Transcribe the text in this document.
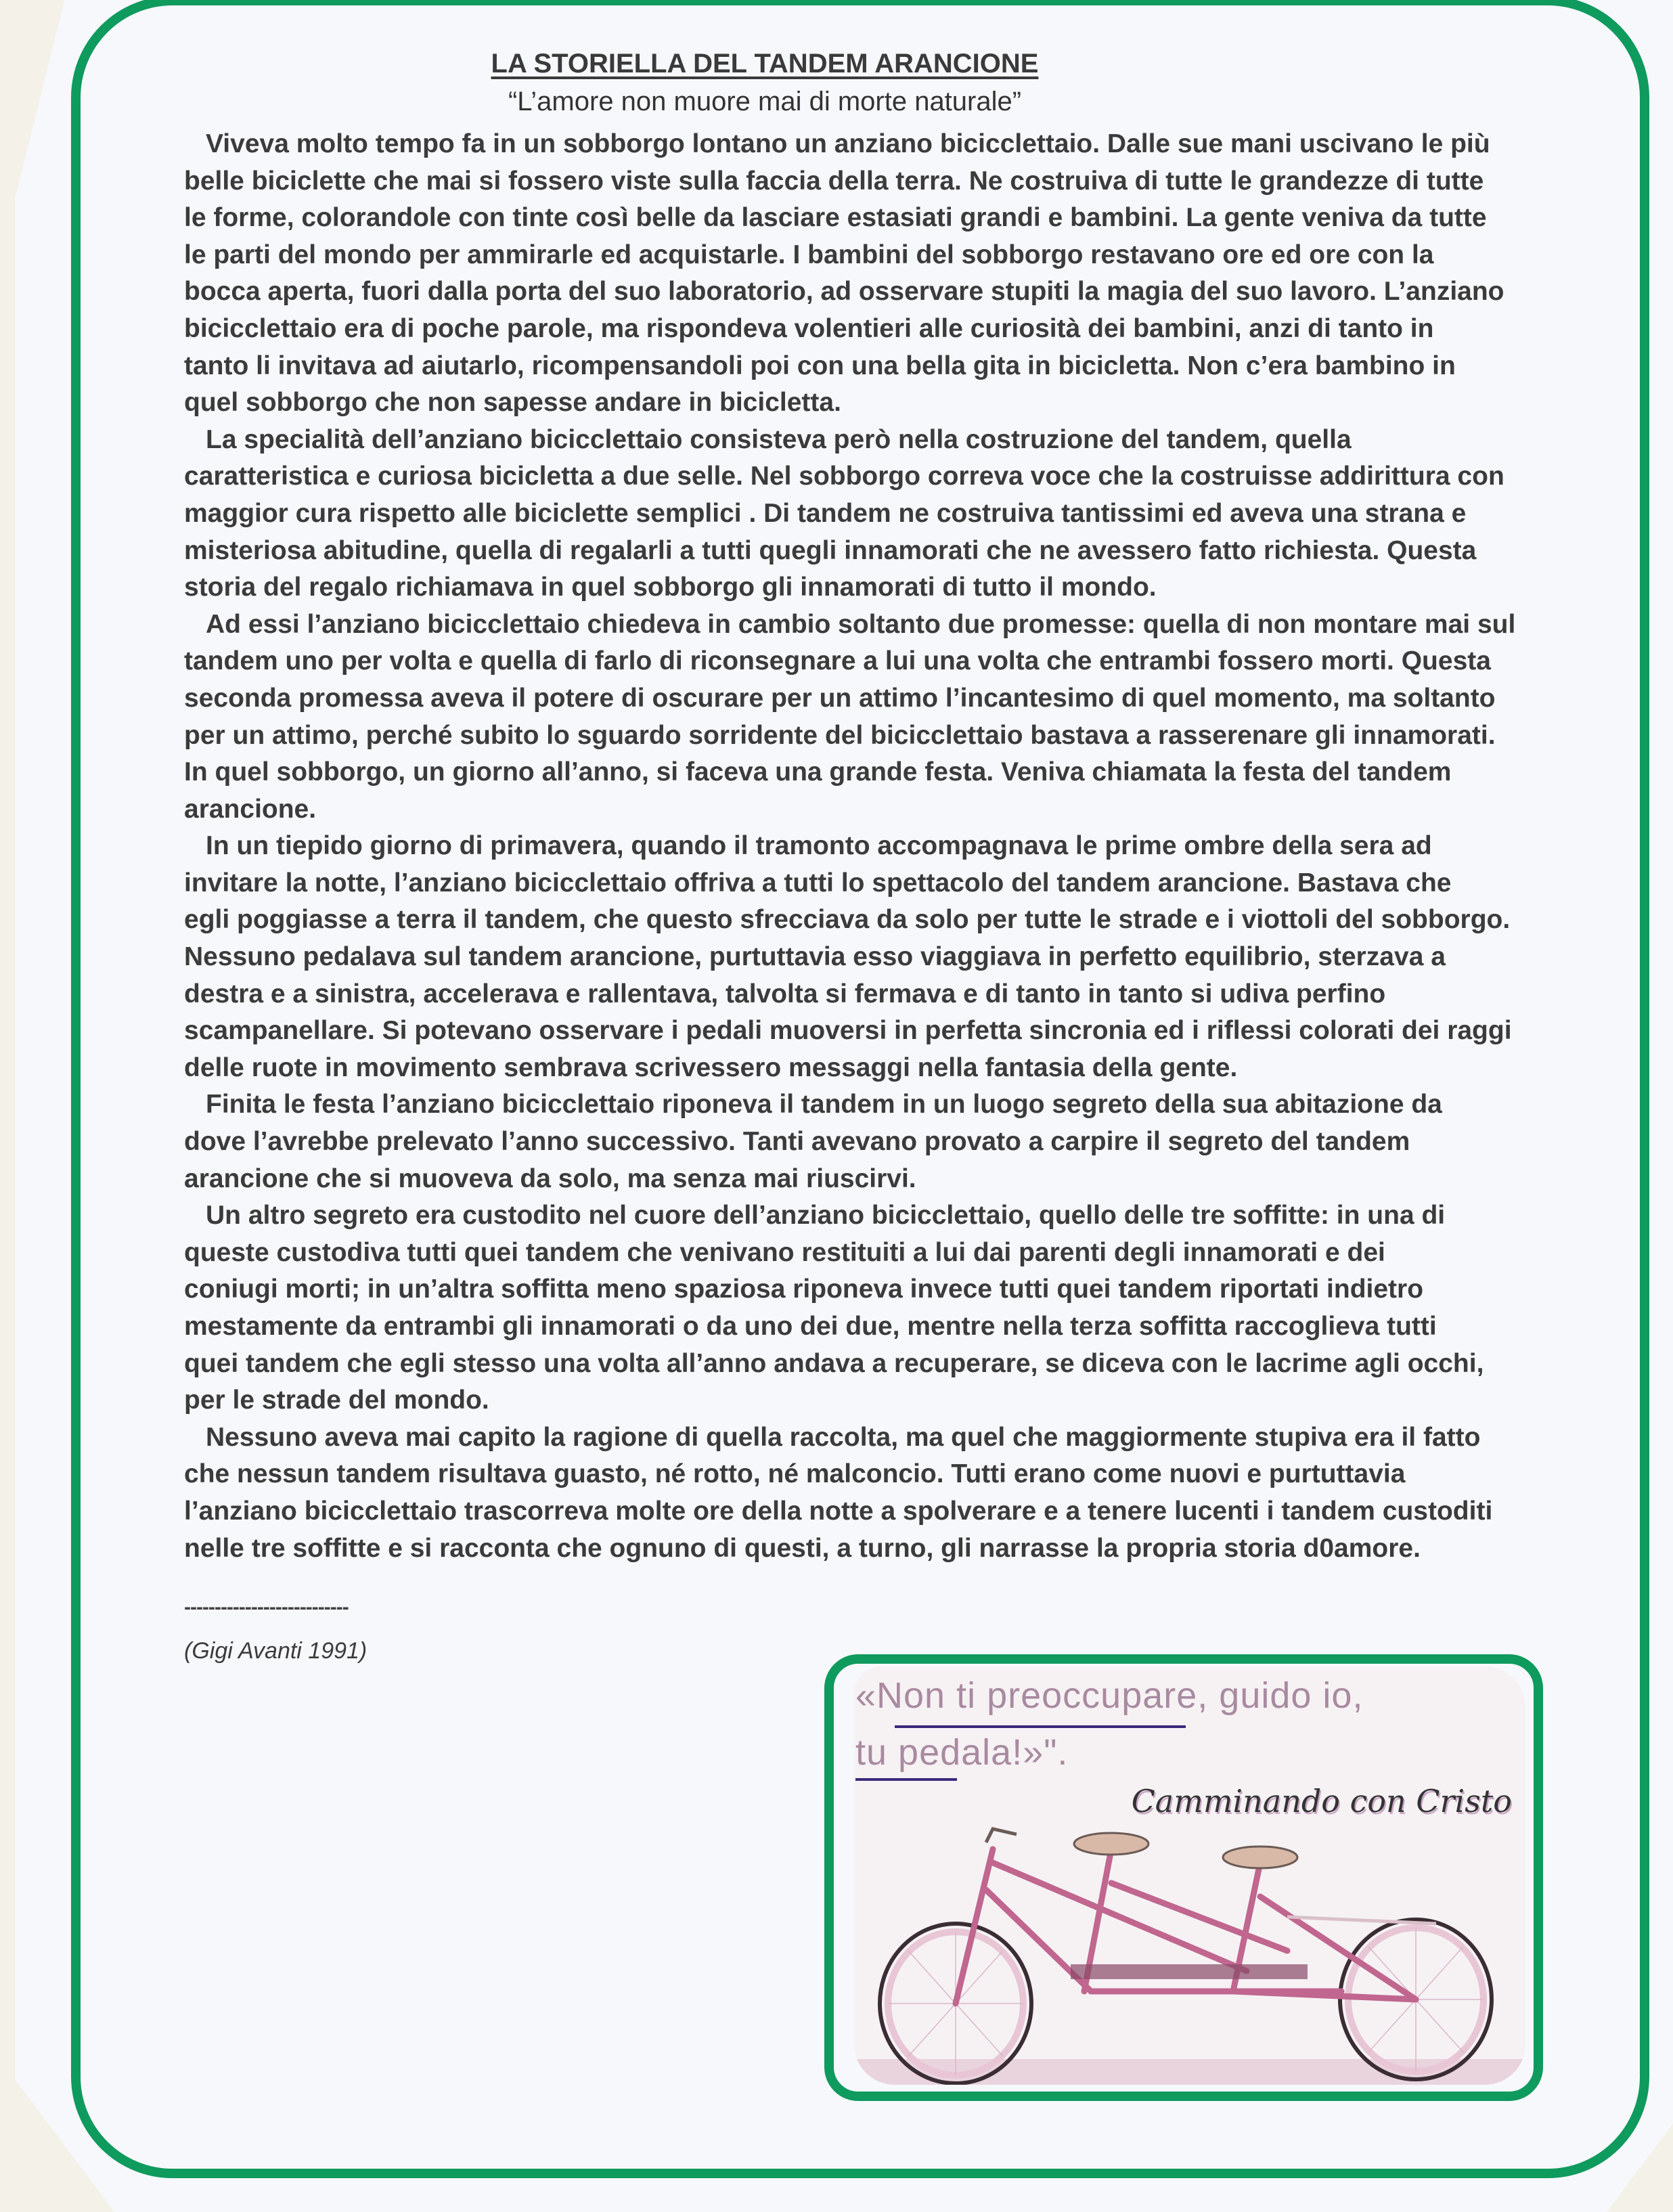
LA STORIELLA DEL TANDEM ARANCIONE
“L’amore non muore mai di morte naturale”
Viveva molto tempo fa in un sobborgo lontano un anziano bicicclettaio. Dalle sue mani uscivano le più
belle biciclette che mai si fossero viste sulla faccia della terra. Ne costruiva di tutte le grandezze di tutte
le forme, colorandole con tinte così belle da lasciare estasiati grandi e bambini. La gente veniva da tutte
le parti del mondo per ammirarle ed acquistarle. I bambini del sobborgo restavano ore ed ore con la
bocca aperta, fuori dalla porta del suo laboratorio, ad osservare stupiti la magia del suo lavoro. L’anziano
bicicclettaio era di poche parole, ma rispondeva volentieri alle curiosità dei bambini, anzi di tanto in
tanto li invitava ad aiutarlo, ricompensandoli poi con una bella gita in bicicletta. Non c’era bambino in
quel sobborgo che non sapesse andare in bicicletta.
La specialità dell’anziano bicicclettaio consisteva però nella costruzione del tandem, quella
caratteristica e curiosa bicicletta a due selle. Nel sobborgo correva voce che la costruisse addirittura con
maggior cura rispetto alle biciclette semplici . Di tandem ne costruiva tantissimi ed aveva una strana e
misteriosa abitudine, quella di regalarli a tutti quegli innamorati che ne avessero fatto richiesta. Questa
storia del regalo richiamava in quel sobborgo gli innamorati di tutto il mondo.
Ad essi l’anziano bicicclettaio chiedeva in cambio soltanto due promesse: quella di non montare mai sul
tandem uno per volta e quella di farlo di riconsegnare a lui una volta che entrambi fossero morti. Questa
seconda promessa aveva il potere di oscurare per un attimo l’incantesimo di quel momento, ma soltanto
per un attimo, perché subito lo sguardo sorridente del bicicclettaio bastava a rasserenare gli innamorati.
In quel sobborgo, un giorno all’anno, si faceva una grande festa. Veniva chiamata la festa del tandem
arancione.
In un tiepido giorno di primavera, quando il tramonto accompagnava le prime ombre della sera ad
invitare la notte, l’anziano bicicclettaio offriva a tutti lo spettacolo del tandem arancione. Bastava che
egli poggiasse a terra il tandem, che questo sfrecciava da solo per tutte le strade e i viottoli del sobborgo.
Nessuno pedalava sul tandem arancione, purtuttavia esso viaggiava in perfetto equilibrio, sterzava a
destra e a sinistra, accelerava e rallentava, talvolta si fermava e di tanto in tanto si udiva perfino
scampanellare. Si potevano osservare i pedali muoversi in perfetta sincronia ed i riflessi colorati dei raggi
delle ruote in movimento sembrava scrivessero messaggi nella fantasia della gente.
Finita le festa l’anziano bicicclettaio riponeva il tandem in un luogo segreto della sua abitazione da
dove l’avrebbe prelevato l’anno successivo. Tanti avevano provato a carpire il segreto del tandem
arancione che si muoveva da solo, ma senza mai riuscirvi.
Un altro segreto era custodito nel cuore dell’anziano bicicclettaio, quello delle tre soffitte: in una di
queste custodiva tutti quei tandem che venivano restituiti a lui dai parenti degli innamorati e dei
coniugi morti; in un’altra soffitta meno spaziosa riponeva invece tutti quei tandem riportati indietro
mestamente da entrambi gli innamorati o da uno dei due, mentre nella terza soffitta raccoglieva tutti
quei tandem che egli stesso una volta all’anno andava a recuperare, se diceva con le lacrime agli occhi,
per le strade del mondo.
Nessuno aveva mai capito la ragione di quella raccolta, ma quel che maggiormente stupiva era il fatto
che nessun tandem risultava guasto, né rotto, né malconcio. Tutti erano come nuovi e purtuttavia
l’anziano bicicclettaio trascorreva molte ore della notte a spolverare e a tenere lucenti i tandem custoditi
nelle tre soffitte e si racconta che ognuno di questi, a turno, gli narrasse la propria storia d0amore.
---------------------------
(Gigi Avanti 1991)
«Non ti preoccupare, guido io,
tu pedala!»".
Camminando con Cristo
